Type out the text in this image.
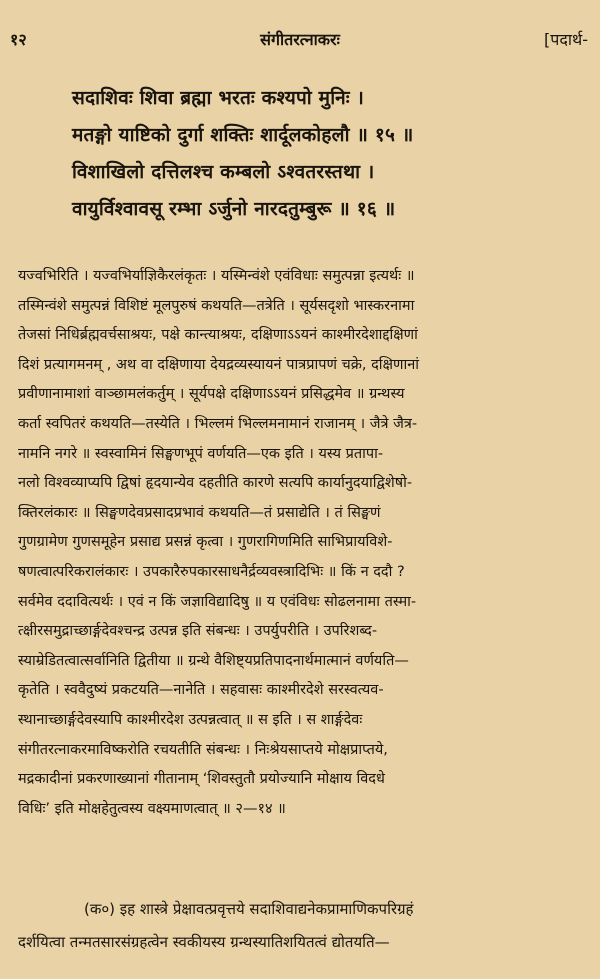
१२	संगीतरत्नाकरः	[पदार्थ-
सदाशिवः शिवा ब्रह्मा भरतः कश्यपो मुनिः ।
मतङ्गो याष्टिको दुर्गा शक्तिः शार्दूलकोहलौ ॥ १५ ॥
विशाखिलो दत्तिलश्च कम्बलो ऽश्वतरस्तथा ।
वायुर्विश्वावसू रम्भा ऽर्जुनो नारदतुम्बुरू ॥ १६ ॥
यज्वभिरिति । यज्वभिर्याज्ञिकैरलंकृतः । यस्मिन्वंशे एवंविधाः समुत्पन्ना इत्यर्थः ॥
तस्मिन्वंशे समुत्पन्नं विशिष्टं मूलपुरुषं कथयति—तत्रेति । सूर्यसदृशो भास्करनामा
तेजसां निधिर्ब्रह्मवर्चसाश्रयः, पक्षे कान्त्याश्रयः, दक्षिणाऽऽयनं काश्मीरदेशाद्दक्षिणां
दिशं प्रत्यागमनम् , अथ वा दक्षिणाया देयद्रव्यस्यायनं पात्रप्रापणं चक्रे, दक्षिणानां
प्रवीणानामाशां वाञ्छामलंकर्तुम् । सूर्यपक्षे दक्षिणाऽऽयनं प्रसिद्धमेव ॥ ग्रन्थस्य
कर्ता स्वपितरं कथयति—तस्येति । भिल्लमं भिल्लमनामानं राजानम् । जैत्रे जैत्र-
नामनि नगरे ॥ स्वस्वामिनं सिङ्घणभूपं वर्णयति—एक इति । यस्य प्रतापा-
नलो विश्वव्याप्यपि द्विषां हृदयान्येव दहतीति कारणे सत्यपि कार्यानुदयाद्विशेषो-
क्तिरलंकारः ॥ सिङ्घणदेवप्रसादप्रभावं कथयति—तं प्रसाद्येति । तं सिङ्घणं
गुणग्रामेण गुणसमूहेन प्रसाद्य प्रसन्नं कृत्वा । गुणरागिणमिति साभिप्रायविशे-
षणत्वात्परिकरालंकारः । उपकारैरुपकारसाधनैर्द्रव्यवस्त्रादिभिः ॥ किं न ददौ ?
सर्वमेव ददावित्यर्थः । एवं न किं जज्ञाविद्यादिषु ॥ य एवंविधः सोढलनामा तस्मा-
त्क्षीरसमुद्राच्छार्ङ्गदेवश्चन्द्र उत्पन्न इति संबन्धः । उपर्युपरीति । उपरिशब्द-
स्याम्रेडितत्वात्सर्वानिति द्वितीया ॥ ग्रन्थे वैशिष्ट्यप्रतिपादनार्थमात्मानं वर्णयति—
कृतेति । स्ववैदुष्यं प्रकटयति—नानेति । सहवासः काश्मीरदेशे सरस्वत्यव-
स्थानाच्छार्ङ्गदेवस्यापि काश्मीरदेश उत्पन्नत्वात् ॥ स इति । स शार्ङ्गदेवः
संगीतरत्नाकरमाविष्करोति रचयतीति संबन्धः । निःश्रेयसाप्तये मोक्षप्राप्तये,
मद्रकादीनां प्रकरणाख्यानां गीतानाम् ‘शिवस्तुतौ प्रयोज्यानि मोक्षाय विदधे
विधिः’ इति मोक्षहेतुत्वस्य वक्ष्यमाणत्वात् ॥ २—१४ ॥
(क०) इह शास्त्रे प्रेक्षावत्प्रवृत्तये सदाशिवाद्यनेकप्रामाणिकपरिग्रहं
दर्शयित्वा तन्मतसारसंग्रहत्वेन स्वकीयस्य ग्रन्थस्यातिशयितत्वं द्योतयति—
